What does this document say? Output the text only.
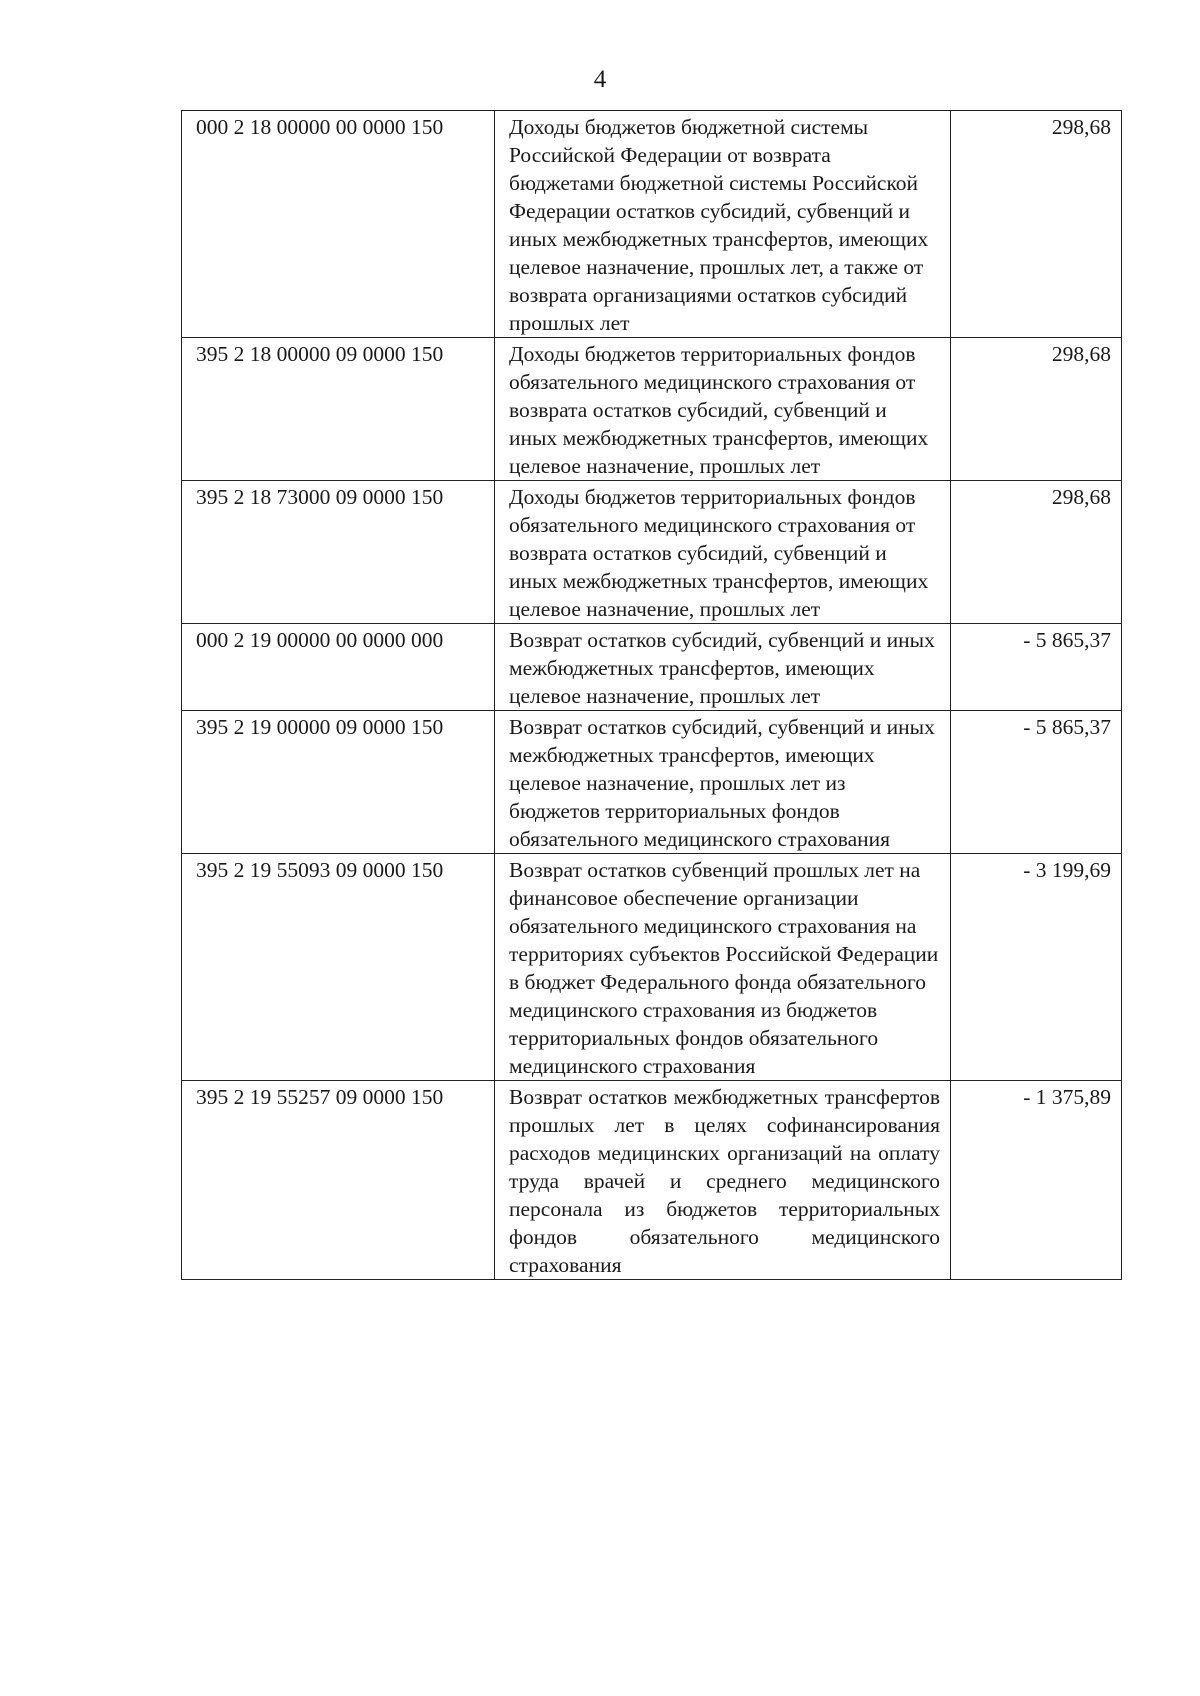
4
000 2 18 00000 00 0000 150	Доходы бюджетов бюджетной системы Российской Федерации от возврата бюджетами бюджетной системы Российской Федерации остатков субсидий, субвенций и иных межбюджетных трансфертов, имеющих целевое назначение, прошлых лет, а также от возврата организациями остатков субсидий прошлых лет	298,68
395 2 18 00000 09 0000 150	Доходы бюджетов территориальных фондов обязательного медицинского страхования от возврата остатков субсидий, субвенций и иных межбюджетных трансфертов, имеющих целевое назначение, прошлых лет	298,68
395 2 18 73000 09 0000 150	Доходы бюджетов территориальных фондов обязательного медицинского страхования от возврата остатков субсидий, субвенций и иных межбюджетных трансфертов, имеющих целевое назначение, прошлых лет	298,68
000 2 19 00000 00 0000 000	Возврат остатков субсидий, субвенций и иных межбюджетных трансфертов, имеющих целевое назначение, прошлых лет	- 5 865,37
395 2 19 00000 09 0000 150	Возврат остатков субсидий, субвенций и иных межбюджетных трансфертов, имеющих целевое назначение, прошлых лет из бюджетов территориальных фондов обязательного медицинского страхования	- 5 865,37
395 2 19 55093 09 0000 150	Возврат остатков субвенций прошлых лет на финансовое обеспечение организации обязательного медицинского страхования на территориях субъектов Российской Федерации в бюджет Федерального фонда обязательного медицинского страхования из бюджетов территориальных фондов обязательного медицинского страхования	- 3 199,69
395 2 19 55257 09 0000 150	Возврат остатков межбюджетных трансфертов прошлых лет в целях софинансирования расходов медицинских организаций на оплату труда врачей и среднего медицинского персонала из бюджетов территориальных фондов обязательного медицинского страхования	- 1 375,89
